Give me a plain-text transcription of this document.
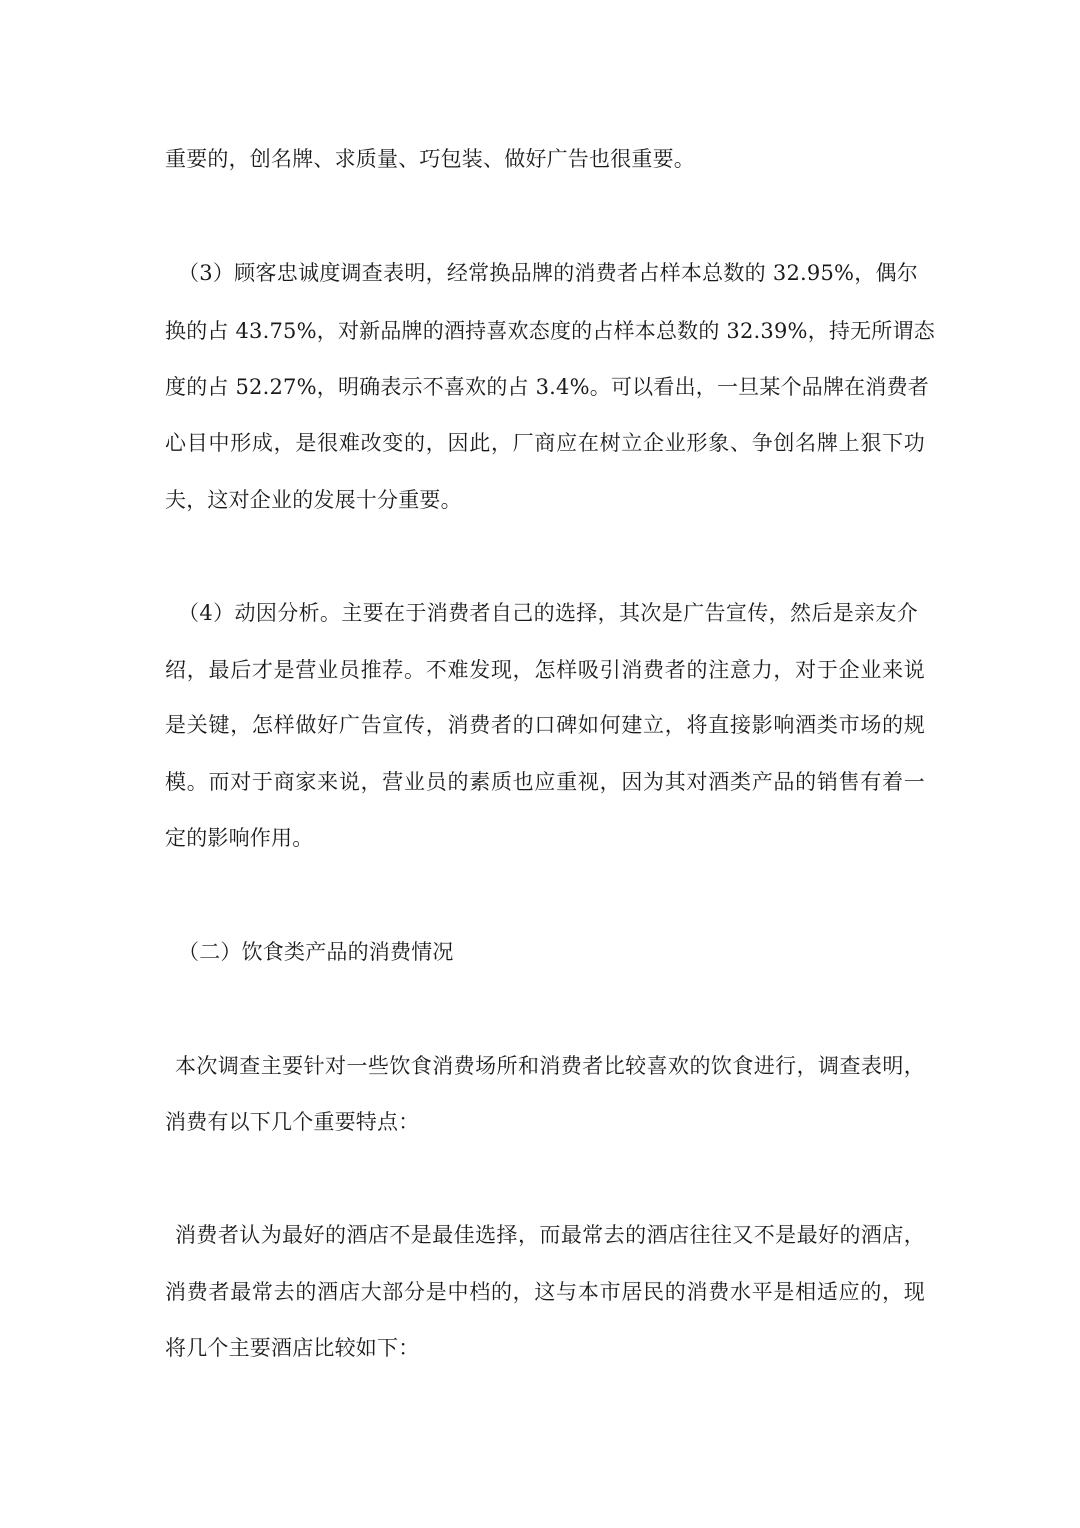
重要的，创名牌、求质量、巧包装、做好广告也很重要。
（3）顾客忠诚度调查表明，经常换品牌的消费者占样本总数的 32.95%，偶尔
换的占 43.75%，对新品牌的酒持喜欢态度的占样本总数的 32.39%，持无所谓态
度的占 52.27%，明确表示不喜欢的占 3.4%。可以看出，一旦某个品牌在消费者
心目中形成，是很难改变的，因此，厂商应在树立企业形象、争创名牌上狠下功
夫，这对企业的发展十分重要。
（4）动因分析。主要在于消费者自己的选择，其次是广告宣传，然后是亲友介
绍，最后才是营业员推荐。不难发现，怎样吸引消费者的注意力，对于企业来说
是关键，怎样做好广告宣传，消费者的口碑如何建立，将直接影响酒类市场的规
模。而对于商家来说，营业员的素质也应重视，因为其对酒类产品的销售有着一
定的影响作用。
（二）饮食类产品的消费情况
本次调查主要针对一些饮食消费场所和消费者比较喜欢的饮食进行，调查表明，
消费有以下几个重要特点：
消费者认为最好的酒店不是最佳选择，而最常去的酒店往往又不是最好的酒店，
消费者最常去的酒店大部分是中档的，这与本市居民的消费水平是相适应的，现
将几个主要酒店比较如下：
